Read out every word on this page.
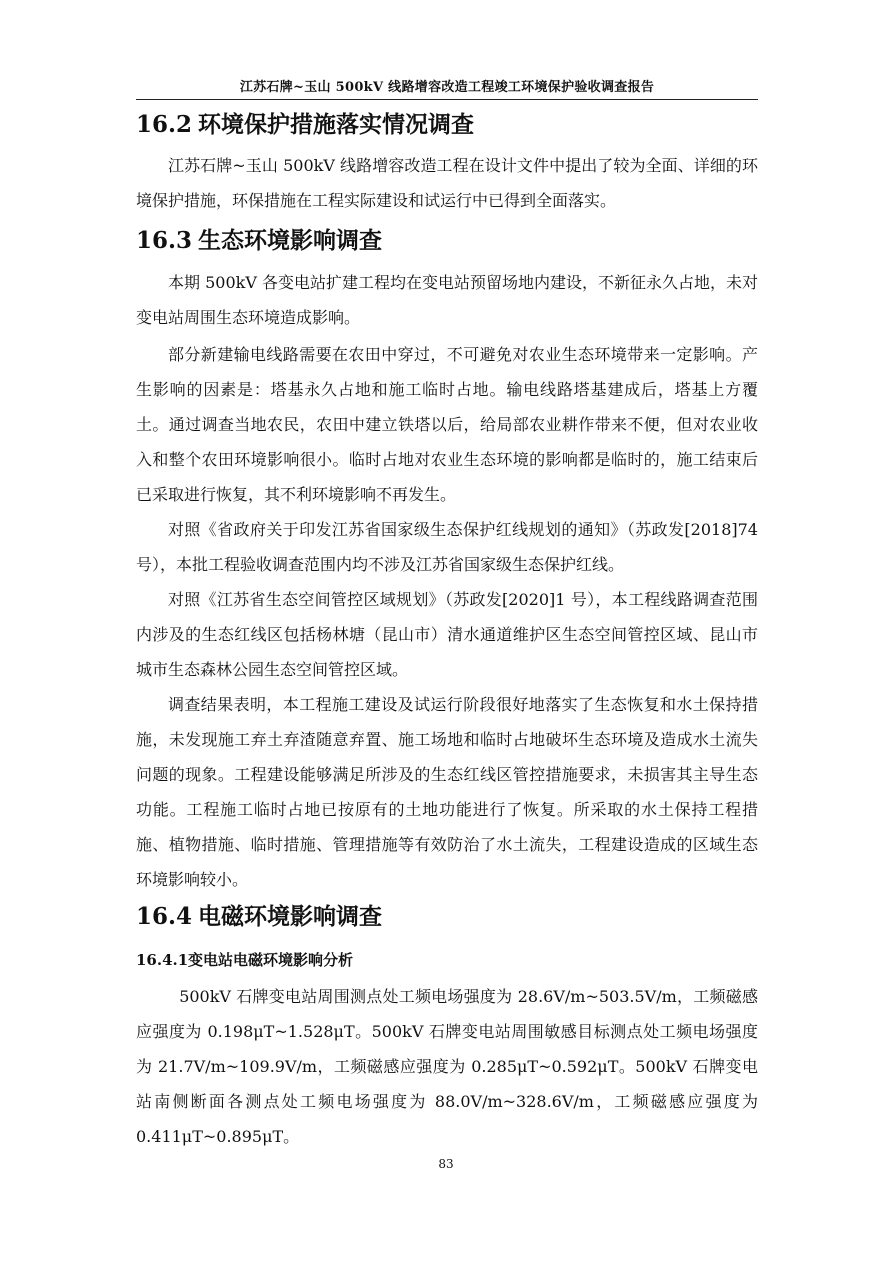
江苏石牌~玉山 500kV 线路增容改造工程竣工环境保护验收调查报告
16.2 环境保护措施落实情况调查

江苏石牌~玉山 500kV 线路增容改造工程在设计文件中提出了较为全面、详细的环境保护措施，环保措施在工程实际建设和试运行中已得到全面落实。

16.3 生态环境影响调查

本期 500kV 各变电站扩建工程均在变电站预留场地内建设，不新征永久占地，未对变电站周围生态环境造成影响。

部分新建输电线路需要在农田中穿过，不可避免对农业生态环境带来一定影响。产生影响的因素是：塔基永久占地和施工临时占地。输电线路塔基建成后，塔基上方覆土。通过调查当地农民，农田中建立铁塔以后，给局部农业耕作带来不便，但对农业收入和整个农田环境影响很小。临时占地对农业生态环境的影响都是临时的，施工结束后已采取进行恢复，其不利环境影响不再发生。

对照《省政府关于印发江苏省国家级生态保护红线规划的通知》（苏政发[2018]74 号），本批工程验收调查范围内均不涉及江苏省国家级生态保护红线。

对照《江苏省生态空间管控区域规划》（苏政发[2020]1 号），本工程线路调查范围内涉及的生态红线区包括杨林塘（昆山市）清水通道维护区生态空间管控区域、昆山市城市生态森林公园生态空间管控区域。

调查结果表明，本工程施工建设及试运行阶段很好地落实了生态恢复和水土保持措施，未发现施工弃土弃渣随意弃置、施工场地和临时占地破坏生态环境及造成水土流失问题的现象。工程建设能够满足所涉及的生态红线区管控措施要求，未损害其主导生态功能。工程施工临时占地已按原有的土地功能进行了恢复。所采取的水土保持工程措施、植物措施、临时措施、管理措施等有效防治了水土流失，工程建设造成的区域生态环境影响较小。

16.4 电磁环境影响调查
16.4.1变电站电磁环境影响分析

500kV 石牌变电站周围测点处工频电场强度为 28.6V/m~503.5V/m，工频磁感应强度为 0.198μT~1.528μT。500kV 石牌变电站周围敏感目标测点处工频电场强度为 21.7V/m~109.9V/m，工频磁感应强度为 0.285μT~0.592μT。500kV 石牌变电站南侧断面各测点处工频电场强度为 88.0V/m~328.6V/m，工频磁感应强度为 0.411μT~0.895μT。

83
